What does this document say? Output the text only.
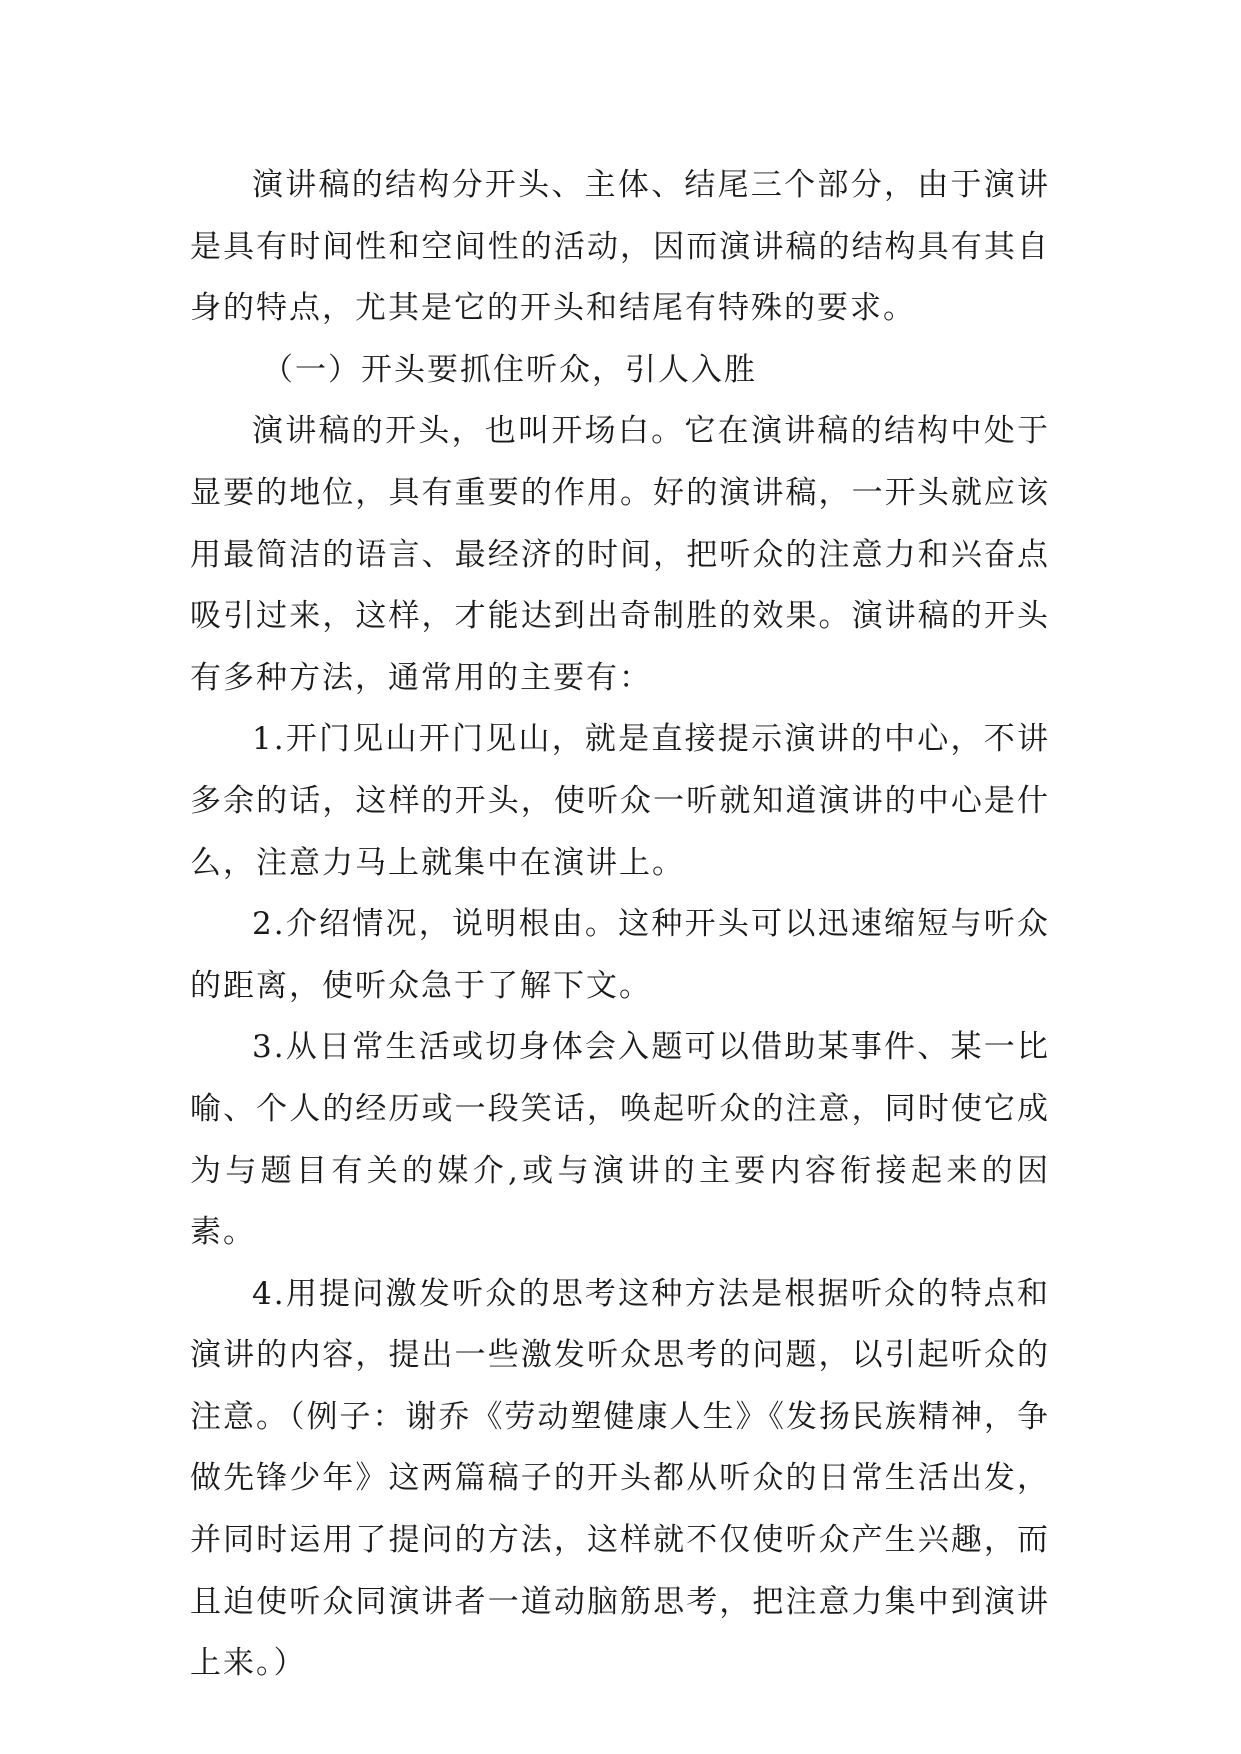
演讲稿的结构分开头、主体、结尾三个部分，由于演讲是具有时间性和空间性的活动，因而演讲稿的结构具有其自身的特点，尤其是它的开头和结尾有特殊的要求。

（一）开头要抓住听众，引人入胜

演讲稿的开头，也叫开场白。它在演讲稿的结构中处于显要的地位，具有重要的作用。好的演讲稿，一开头就应该用最简洁的语言、最经济的时间，把听众的注意力和兴奋点吸引过来，这样，才能达到出奇制胜的效果。演讲稿的开头有多种方法，通常用的主要有：

1.开门见山开门见山，就是直接提示演讲的中心，不讲多余的话，这样的开头，使听众一听就知道演讲的中心是什么，注意力马上就集中在演讲上。

2.介绍情况，说明根由。这种开头可以迅速缩短与听众的距离，使听众急于了解下文。

3.从日常生活或切身体会入题可以借助某事件、某一比喻、个人的经历或一段笑话，唤起听众的注意，同时使它成为与题目有关的媒介,或与演讲的主要内容衔接起来的因素。

4.用提问激发听众的思考这种方法是根据听众的特点和演讲的内容，提出一些激发听众思考的问题，以引起听众的注意。（例子：谢乔《劳动塑健康人生》《发扬民族精神，争做先锋少年》这两篇稿子的开头都从听众的日常生活出发，并同时运用了提问的方法，这样就不仅使听众产生兴趣，而且迫使听众同演讲者一道动脑筋思考，把注意力集中到演讲上来。）
